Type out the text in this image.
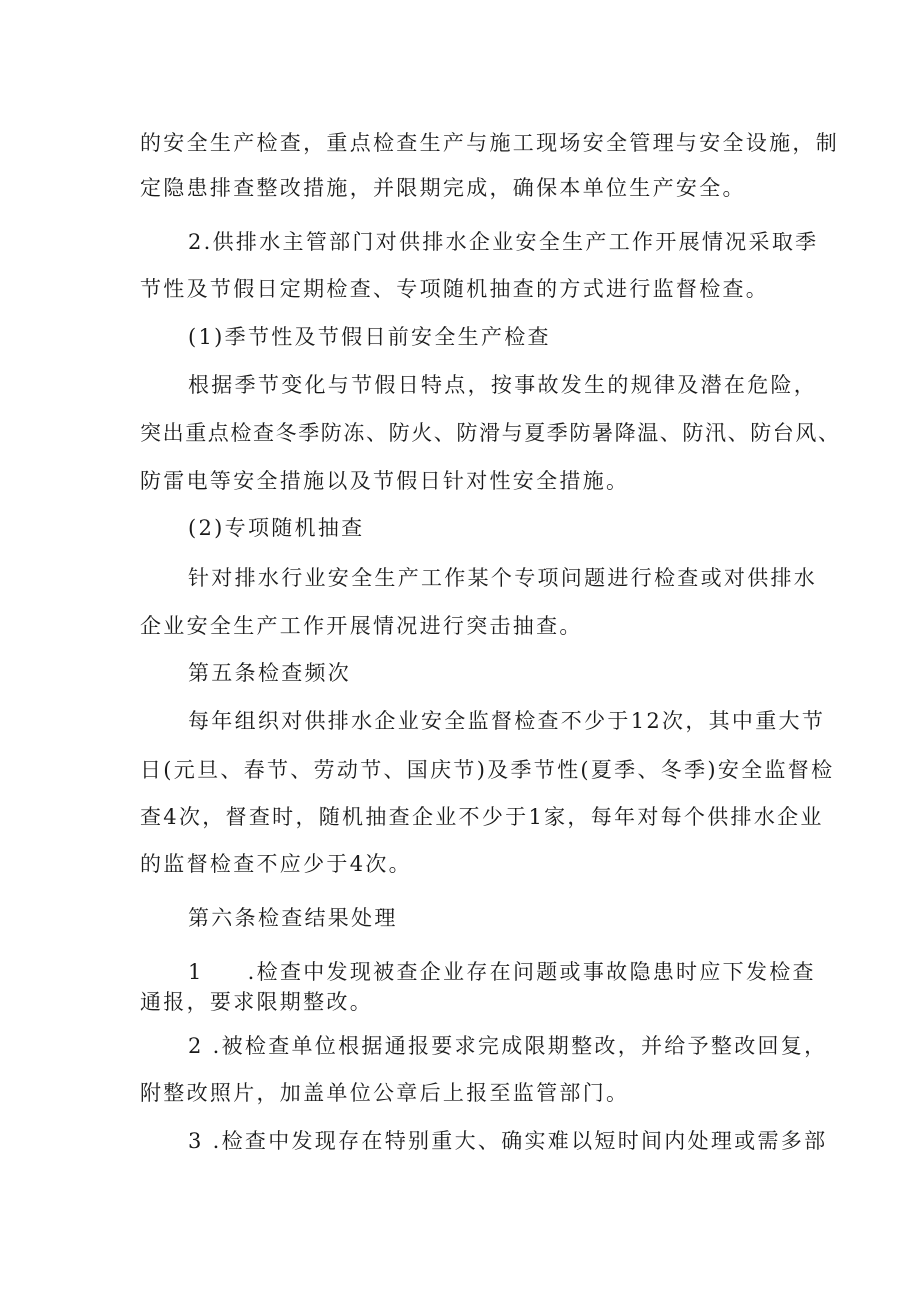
的安全生产检查，重点检查生产与施工现场安全管理与安全设施，制
定隐患排查整改措施，并限期完成，确保本单位生产安全。
2.供排水主管部门对供排水企业安全生产工作开展情况采取季
节性及节假日定期检查、专项随机抽查的方式进行监督检查。
(1)季节性及节假日前安全生产检查
根据季节变化与节假日特点，按事故发生的规律及潜在危险，
突出重点检查冬季防冻、防火、防滑与夏季防暑降温、防汛、防台风、
防雷电等安全措施以及节假日针对性安全措施。
(2)专项随机抽查
针对排水行业安全生产工作某个专项问题进行检查或对供排水
企业安全生产工作开展情况进行突击抽查。
第五条检查频次
每年组织对供排水企业安全监督检查不少于12次，其中重大节
日(元旦、春节、劳动节、国庆节)及季节性(夏季、冬季)安全监督检
查4次，督查时，随机抽查企业不少于1家，每年对每个供排水企业
的监督检查不应少于4次。
第六条检查结果处理
1 .检查中发现被查企业存在问题或事故隐患时应下发检查
通报，要求限期整改。
2 .被检查单位根据通报要求完成限期整改，并给予整改回复，
附整改照片，加盖单位公章后上报至监管部门。
3 .检查中发现存在特别重大、确实难以短时间内处理或需多部
